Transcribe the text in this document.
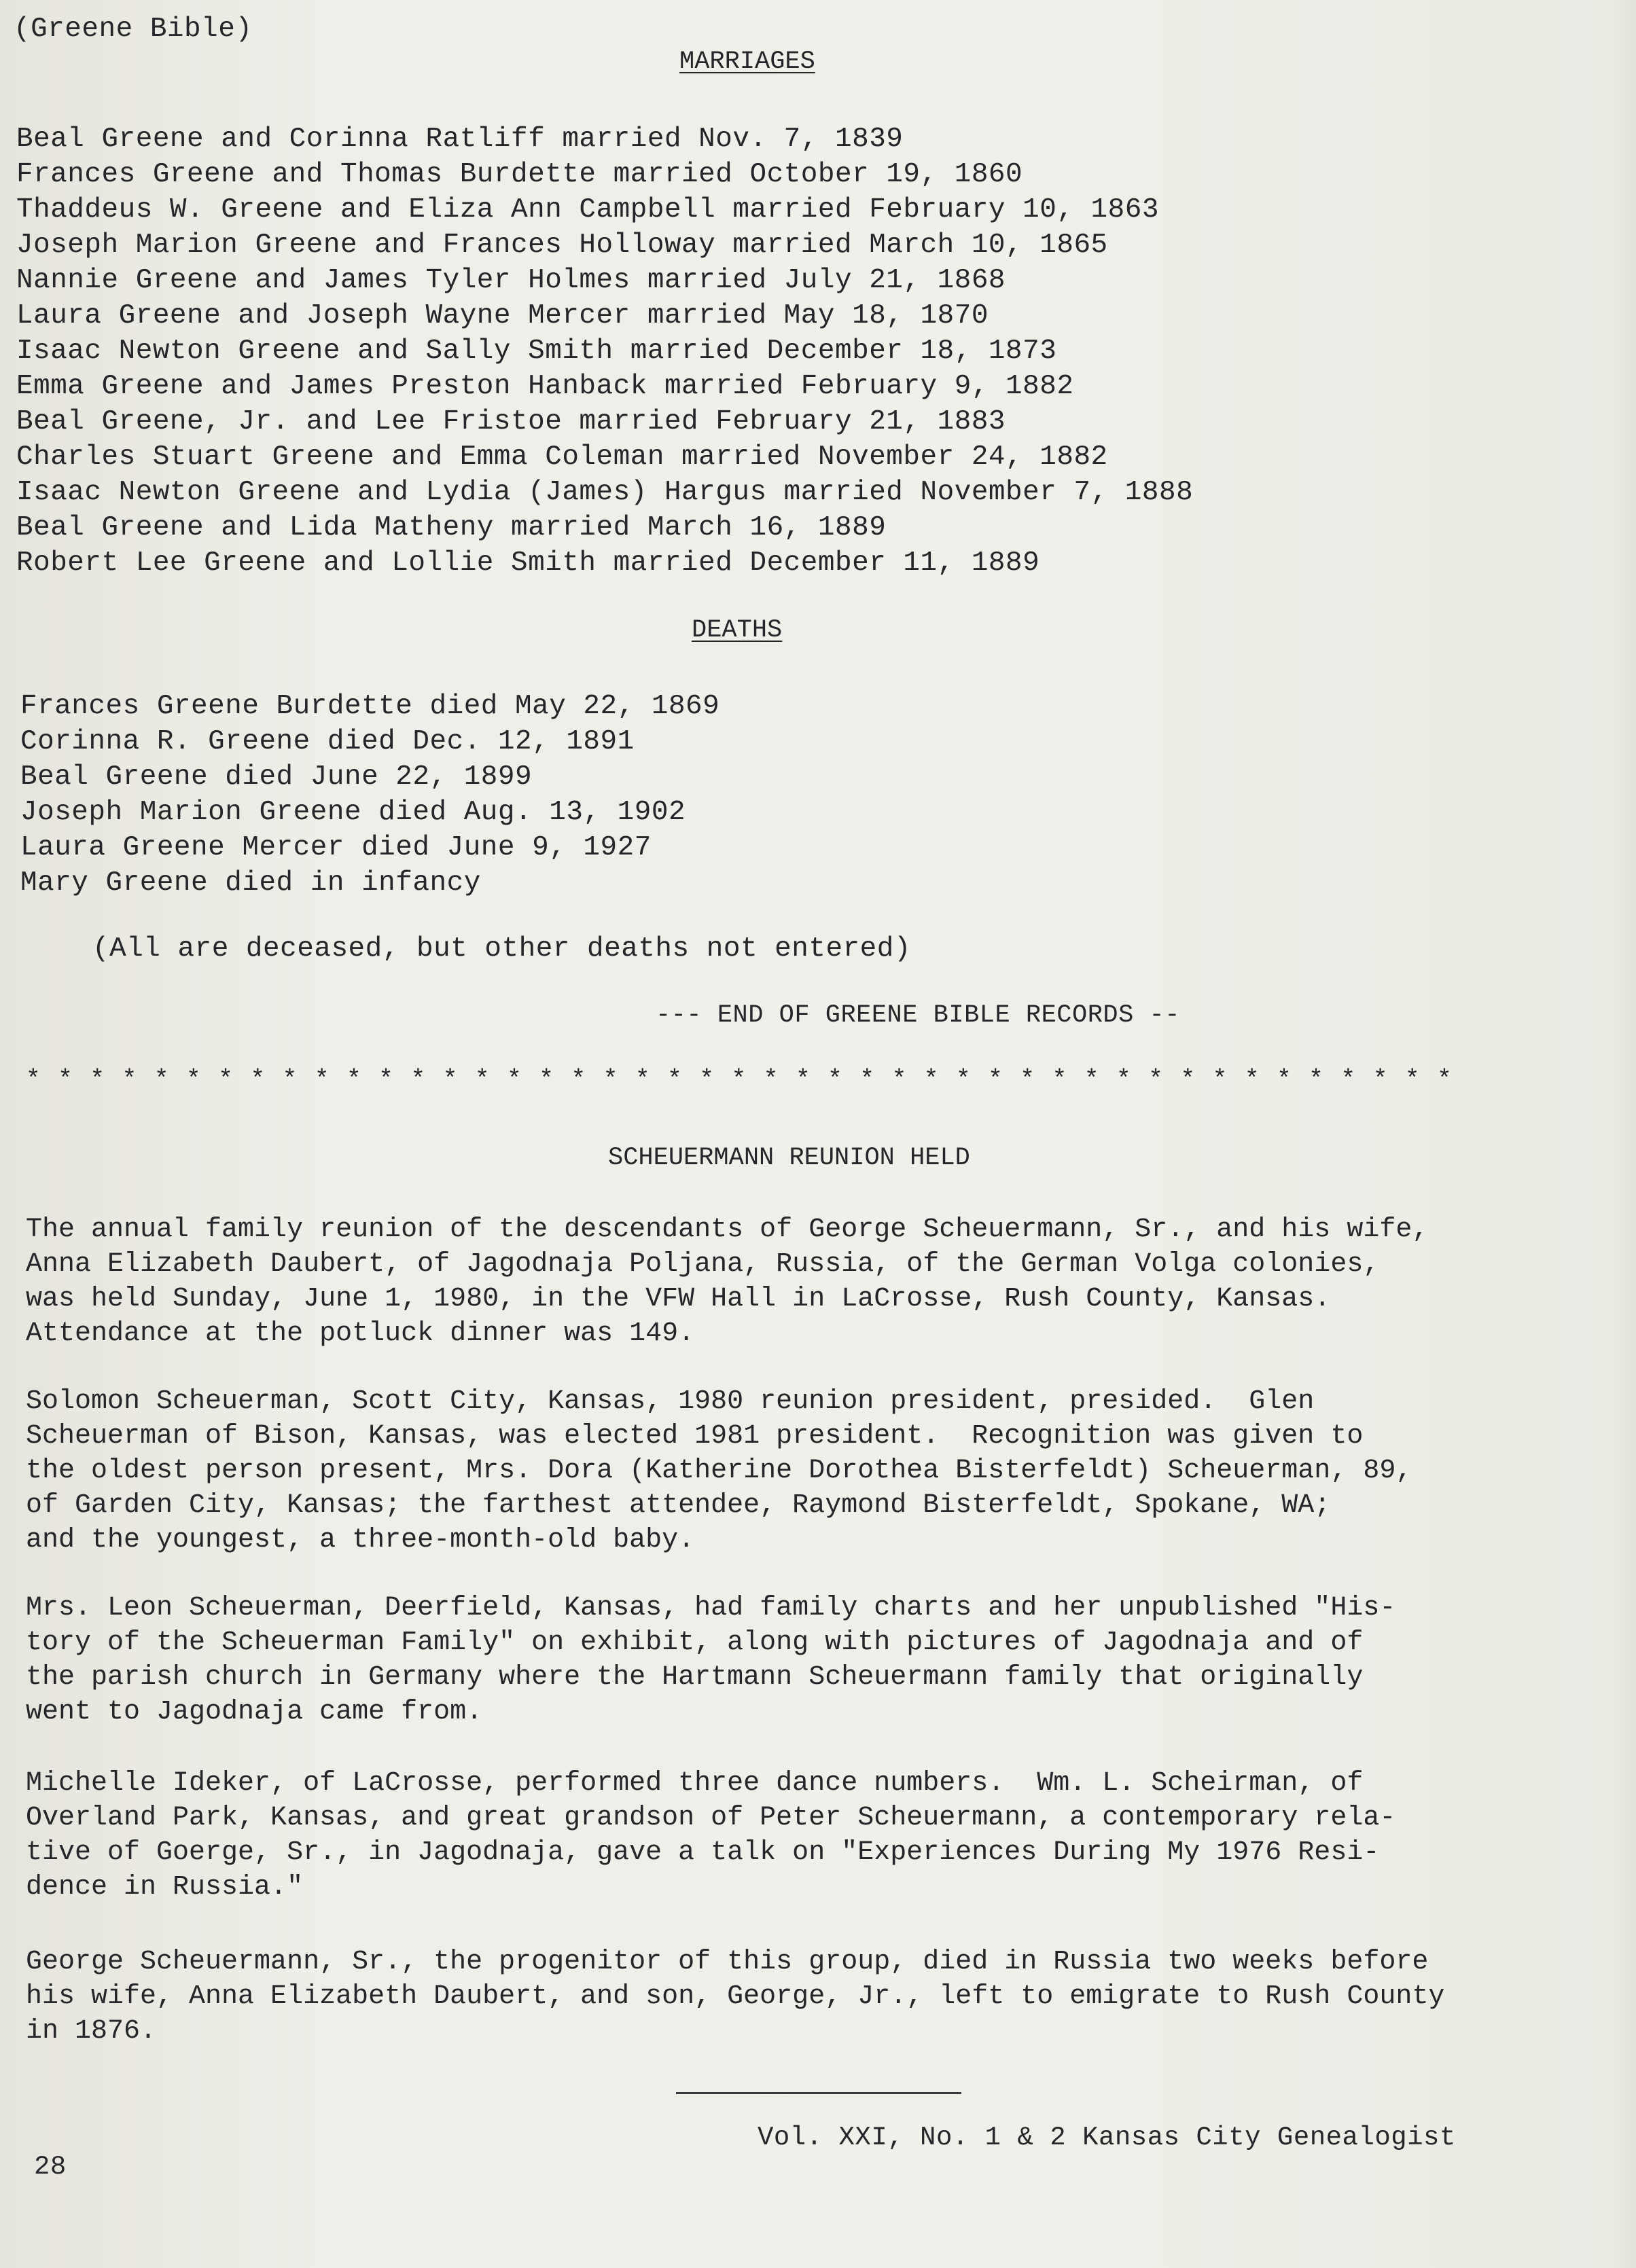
(Greene Bible)
MARRIAGES
Beal Greene and Corinna Ratliff married Nov. 7, 1839
Frances Greene and Thomas Burdette married October 19, 1860
Thaddeus W. Greene and Eliza Ann Campbell married February 10, 1863
Joseph Marion Greene and Frances Holloway married March 10, 1865
Nannie Greene and James Tyler Holmes married July 21, 1868
Laura Greene and Joseph Wayne Mercer married May 18, 1870
Isaac Newton Greene and Sally Smith married December 18, 1873
Emma Greene and James Preston Hanback married February 9, 1882
Beal Greene, Jr. and Lee Fristoe married February 21, 1883
Charles Stuart Greene and Emma Coleman married November 24, 1882
Isaac Newton Greene and Lydia (James) Hargus married November 7, 1888
Beal Greene and Lida Matheny married March 16, 1889
Robert Lee Greene and Lollie Smith married December 11, 1889
DEATHS
Frances Greene Burdette died May 22, 1869
Corinna R. Greene died Dec. 12, 1891
Beal Greene died June 22, 1899
Joseph Marion Greene died Aug. 13, 1902
Laura Greene Mercer died June 9, 1927
Mary Greene died in infancy
(All are deceased, but other deaths not entered)
--- END OF GREENE BIBLE RECORDS --
* * * * * * * * * * * * * * * * * * * * * * * * * * * * * * * * * * * * * * * * * * * * *
SCHEUERMANN REUNION HELD
The annual family reunion of the descendants of George Scheuermann, Sr., and his wife,
Anna Elizabeth Daubert, of Jagodnaja Poljana, Russia, of the German Volga colonies,
was held Sunday, June 1, 1980, in the VFW Hall in LaCrosse, Rush County, Kansas.
Attendance at the potluck dinner was 149.
Solomon Scheuerman, Scott City, Kansas, 1980 reunion president, presided.  Glen
Scheuerman of Bison, Kansas, was elected 1981 president.  Recognition was given to
the oldest person present, Mrs. Dora (Katherine Dorothea Bisterfeldt) Scheuerman, 89,
of Garden City, Kansas; the farthest attendee, Raymond Bisterfeldt, Spokane, WA;
and the youngest, a three-month-old baby.
Mrs. Leon Scheuerman, Deerfield, Kansas, had family charts and her unpublished "His-
tory of the Scheuerman Family" on exhibit, along with pictures of Jagodnaja and of
the parish church in Germany where the Hartmann Scheuermann family that originally
went to Jagodnaja came from.
Michelle Ideker, of LaCrosse, performed three dance numbers.  Wm. L. Scheirman, of
Overland Park, Kansas, and great grandson of Peter Scheuermann, a contemporary rela-
tive of Goerge, Sr., in Jagodnaja, gave a talk on "Experiences During My 1976 Resi-
dence in Russia."
George Scheuermann, Sr., the progenitor of this group, died in Russia two weeks before
his wife, Anna Elizabeth Daubert, and son, George, Jr., left to emigrate to Rush County
in 1876.
Vol. XXI, No. 1 & 2 Kansas City Genealogist
28
